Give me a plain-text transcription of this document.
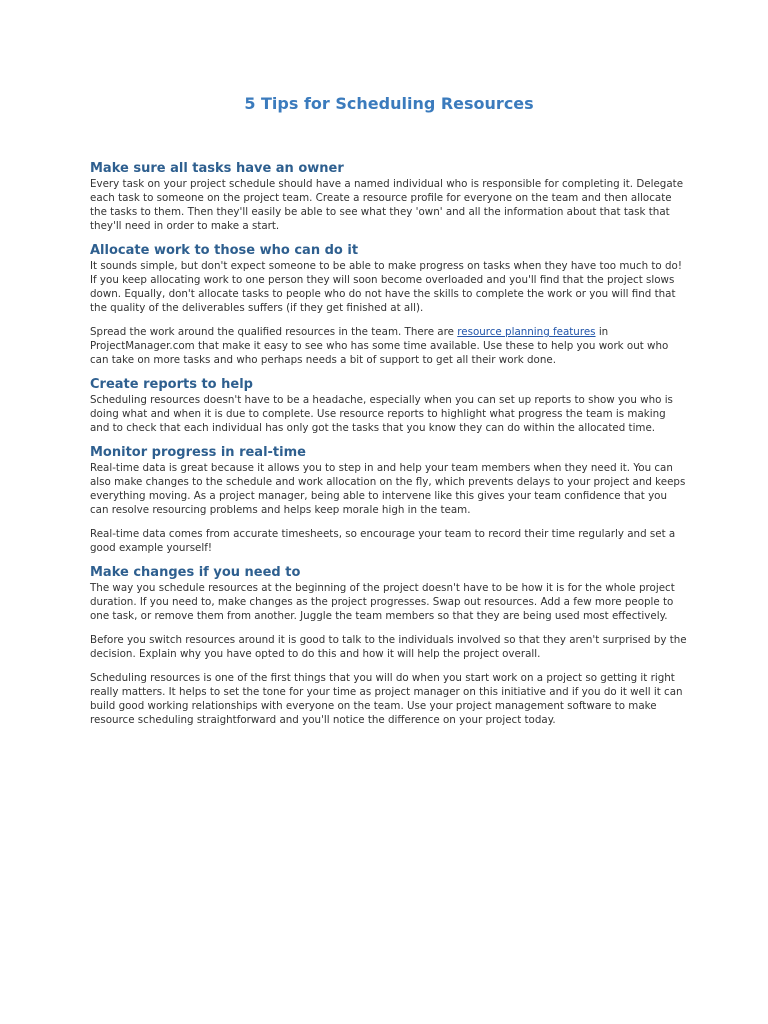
5 Tips for Scheduling Resources
Make sure all tasks have an owner

Every task on your project schedule should have a named individual who is responsible for completing it. Delegate each task to someone on the project team. Create a resource profile for everyone on the team and then allocate the tasks to them. Then they'll easily be able to see what they 'own' and all the information about that task that they'll need in order to make a start.

Allocate work to those who can do it

It sounds simple, but don't expect someone to be able to make progress on tasks when they have too much to do! If you keep allocating work to one person they will soon become overloaded and you'll find that the project slows down. Equally, don't allocate tasks to people who do not have the skills to complete the work or you will find that the quality of the deliverables suffers (if they get finished at all).

Spread the work around the qualified resources in the team. There are resource planning features in ProjectManager.com that make it easy to see who has some time available. Use these to help you work out who can take on more tasks and who perhaps needs a bit of support to get all their work done.

Create reports to help

Scheduling resources doesn't have to be a headache, especially when you can set up reports to show you who is doing what and when it is due to complete. Use resource reports to highlight what progress the team is making and to check that each individual has only got the tasks that you know they can do within the allocated time.

Monitor progress in real-time

Real-time data is great because it allows you to step in and help your team members when they need it. You can also make changes to the schedule and work allocation on the fly, which prevents delays to your project and keeps everything moving. As a project manager, being able to intervene like this gives your team confidence that you can resolve resourcing problems and helps keep morale high in the team.

Real-time data comes from accurate timesheets, so encourage your team to record their time regularly and set a good example yourself!

Make changes if you need to

The way you schedule resources at the beginning of the project doesn't have to be how it is for the whole project duration. If you need to, make changes as the project progresses. Swap out resources. Add a few more people to one task, or remove them from another. Juggle the team members so that they are being used most effectively.

Before you switch resources around it is good to talk to the individuals involved so that they aren't surprised by the decision. Explain why you have opted to do this and how it will help the project overall.

Scheduling resources is one of the first things that you will do when you start work on a project so getting it right really matters. It helps to set the tone for your time as project manager on this initiative and if you do it well it can build good working relationships with everyone on the team. Use your project management software to make resource scheduling straightforward and you'll notice the difference on your project today.
